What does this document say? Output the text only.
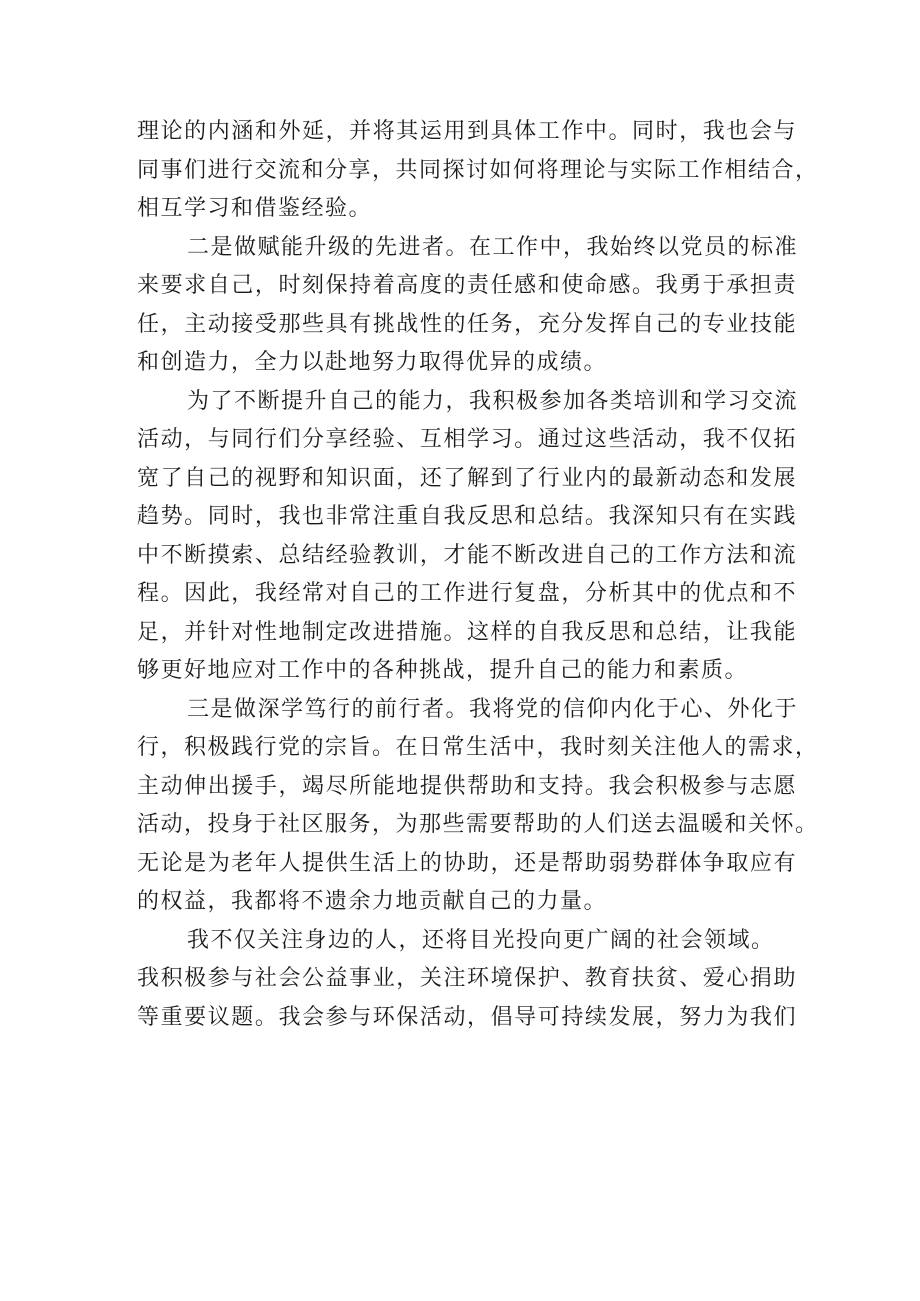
理论的内涵和外延，并将其运用到具体工作中。同时，我也会与
同事们进行交流和分享，共同探讨如何将理论与实际工作相结合，
相互学习和借鉴经验。

二是做赋能升级的先进者。在工作中，我始终以党员的标准
来要求自己，时刻保持着高度的责任感和使命感。我勇于承担责
任，主动接受那些具有挑战性的任务，充分发挥自己的专业技能
和创造力，全力以赴地努力取得优异的成绩。

为了不断提升自己的能力，我积极参加各类培训和学习交流
活动，与同行们分享经验、互相学习。通过这些活动，我不仅拓
宽了自己的视野和知识面，还了解到了行业内的最新动态和发展
趋势。同时，我也非常注重自我反思和总结。我深知只有在实践
中不断摸索、总结经验教训，才能不断改进自己的工作方法和流
程。因此，我经常对自己的工作进行复盘，分析其中的优点和不
足，并针对性地制定改进措施。这样的自我反思和总结，让我能
够更好地应对工作中的各种挑战，提升自己的能力和素质。

三是做深学笃行的前行者。我将党的信仰内化于心、外化于
行，积极践行党的宗旨。在日常生活中，我时刻关注他人的需求，
主动伸出援手，竭尽所能地提供帮助和支持。我会积极参与志愿
活动，投身于社区服务，为那些需要帮助的人们送去温暖和关怀。
无论是为老年人提供生活上的协助，还是帮助弱势群体争取应有
的权益，我都将不遗余力地贡献自己的力量。

我不仅关注身边的人，还将目光投向更广阔的社会领域。
我积极参与社会公益事业，关注环境保护、教育扶贫、爱心捐助
等重要议题。我会参与环保活动，倡导可持续发展，努力为我们
